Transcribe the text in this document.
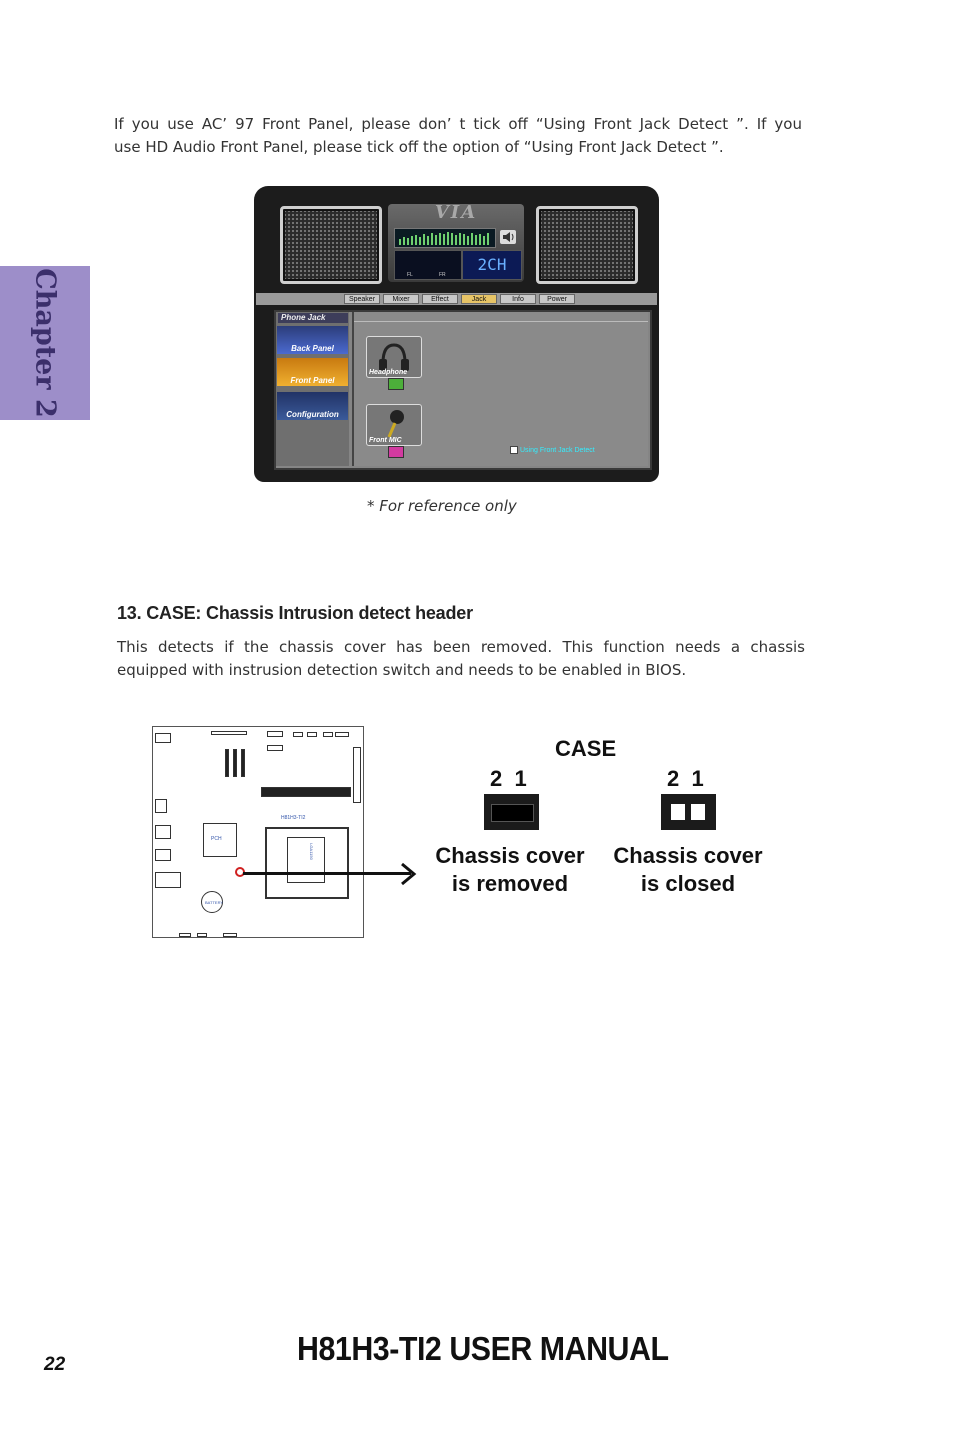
If you use AC’ 97 Front Panel, please don’ t tick off “Using Front Jack Detect ”. If you

use HD Audio Front Panel, please tick off the option of “Using Front Jack Detect ”.

Chapter 2
VIA
FL	FR
2CH
Speaker	Mixer	Effect	Jack	Info	Power
Phone Jack
Back Panel
Front Panel
Configuration
Headphone
Front MIC
Using Front Jack Detect
* For reference only
13. CASE: Chassis Intrusion detect header

This detects if the chassis cover has been removed. This function needs a chassis

equipped with instrusion detection switch and needs to be enabled in BIOS.

PCH
H81H3-TI2
LGA1150
BATTERY
CASE
2  1	2  1
Chassis cover
is removed
Chassis cover
is closed
22	H81H3-TI2 USER MANUAL
